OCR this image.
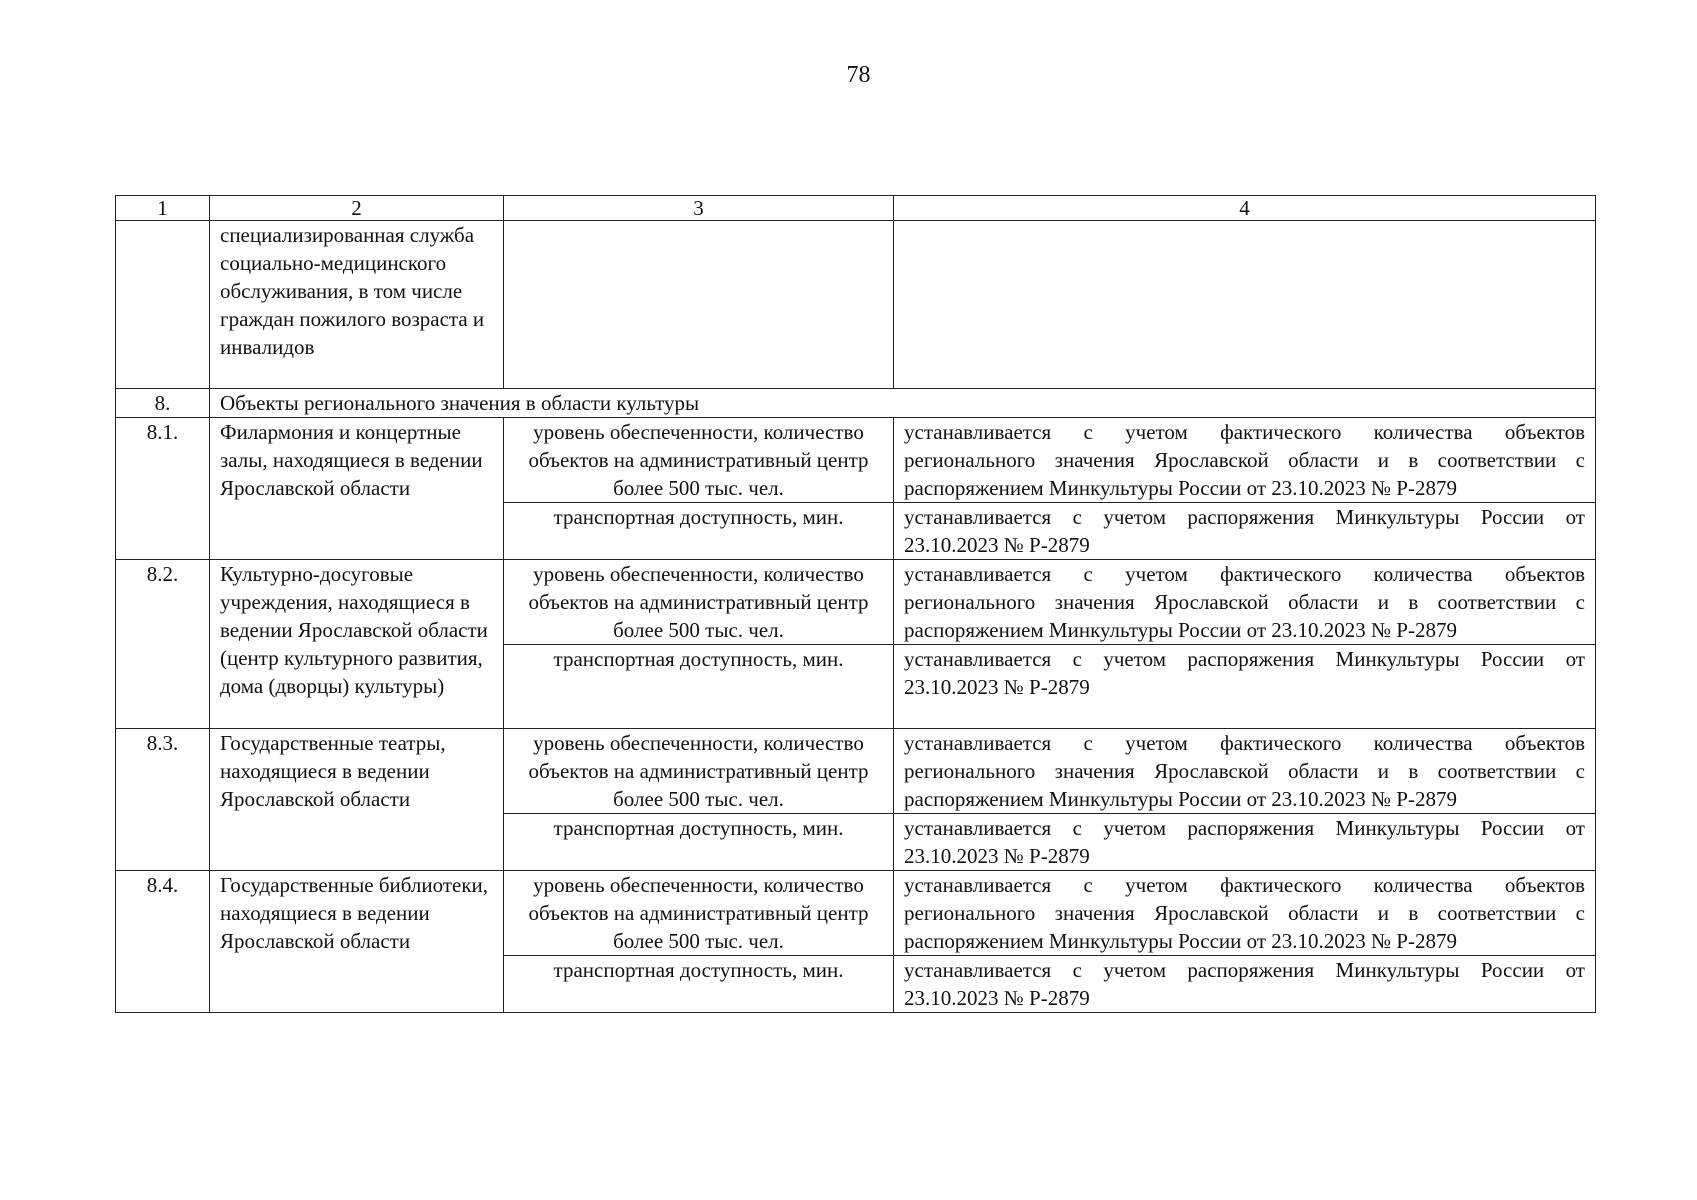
78
1	2	3	4
	специализированная служба социально-медицинского обслуживания, в том числе граждан пожилого возраста и инвалидов		
8.	Объекты регионального значения в области культуры		
8.1.	Филармония и концертные залы, находящиеся в ведении Ярославской области	уровень обеспеченности, количество объектов на административный центр более 500 тыс. чел.	устанавливается с учетом фактического количества объектов регионального значения Ярославской области и в соответствии с распоряжением Минкультуры России от 23.10.2023 № Р-2879
		транспортная доступность, мин.	устанавливается с учетом распоряжения Минкультуры России от 23.10.2023 № Р-2879
8.2.	Культурно-досуговые учреждения, находящиеся в ведении Ярославской области (центр культурного развития, дома (дворцы) культуры)	уровень обеспеченности, количество объектов на административный центр более 500 тыс. чел.	устанавливается с учетом фактического количества объектов регионального значения Ярославской области и в соответствии с распоряжением Минкультуры России от 23.10.2023 № Р-2879
		транспортная доступность, мин.	устанавливается с учетом распоряжения Минкультуры России от 23.10.2023 № Р-2879
8.3.	Государственные театры, находящиеся в ведении Ярославской области	уровень обеспеченности, количество объектов на административный центр более 500 тыс. чел.	устанавливается с учетом фактического количества объектов регионального значения Ярославской области и в соответствии с распоряжением Минкультуры России от 23.10.2023 № Р-2879
		транспортная доступность, мин.	устанавливается с учетом распоряжения Минкультуры России от 23.10.2023 № Р-2879
8.4.	Государственные библиотеки, находящиеся в ведении Ярославской области	уровень обеспеченности, количество объектов на административный центр более 500 тыс. чел.	устанавливается с учетом фактического количества объектов регионального значения Ярославской области и в соответствии с распоряжением Минкультуры России от 23.10.2023 № Р-2879
		транспортная доступность, мин.	устанавливается с учетом распоряжения Минкультуры России от 23.10.2023 № Р-2879
